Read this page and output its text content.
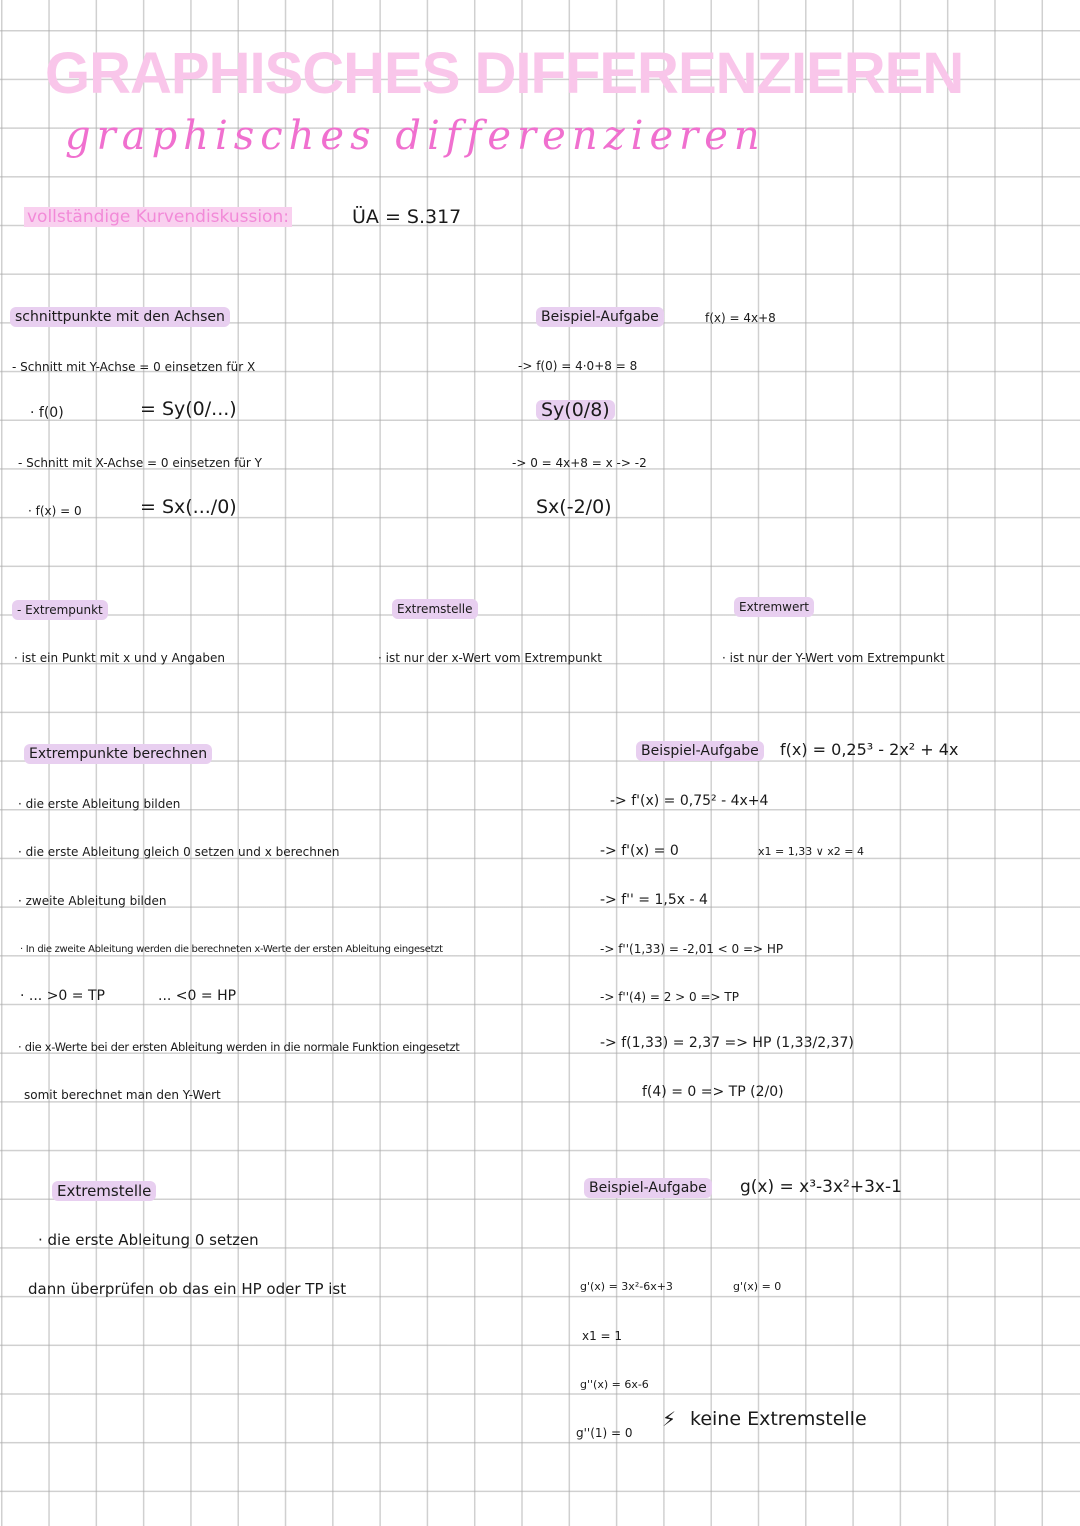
GRAPHISCHES DIFFERENZIEREN
graphisches differenzieren
vollständige Kurvendiskussion:	ÜA = S.317
schnittpunkte mit den Achsen
- Schnitt mit Y-Achse = 0 einsetzen für X
· f(0)	= Sy(0/...)
- Schnitt mit X-Achse = 0 einsetzen für Y
· f(x) = 0	= Sx(.../0)
Beispiel-Aufgabe	f(x) = 4x+8
-> f(0) = 4·0+8 = 8
Sy(0/8)
-> 0 = 4x+8 = x -> -2
Sx(-2/0)
- Extrempunkt
· ist ein Punkt mit x und y Angaben
Extremstelle
· ist nur der x-Wert vom Extrempunkt
Extremwert
· ist nur der Y-Wert vom Extrempunkt
Extrempunkte berechnen
· die erste Ableitung bilden
· die erste Ableitung gleich 0 setzen und x berechnen
· zweite Ableitung bilden
· In die zweite Ableitung werden die berechneten x-Werte der ersten Ableitung eingesetzt
· ... >0 = TP	... <0 = HP
· die x-Werte bei der ersten Ableitung werden in die normale Funktion eingesetzt
somit berechnet man den Y-Wert
Beispiel-Aufgabe	f(x) = 0,25³ - 2x² + 4x
-> f'(x) = 0,75² - 4x+4
-> f'(x) = 0	x1 = 1,33 ∨ x2 = 4
-> f'' = 1,5x - 4
-> f''(1,33) = -2,01 < 0 => HP
-> f''(4) = 2 > 0 => TP
-> f(1,33) = 2,37 => HP (1,33/2,37)
f(4) = 0 => TP (2/0)
Extremstelle
· die erste Ableitung 0 setzen
dann überprüfen ob das ein HP oder TP ist
Beispiel-Aufgabe g(x) = x³-3x²+3x-1
g'(x) = 3x²-6x+3	g'(x) = 0
x1 = 1
g''(x) = 6x-6
g''(1) = 0
⚡ keine Extremstelle
